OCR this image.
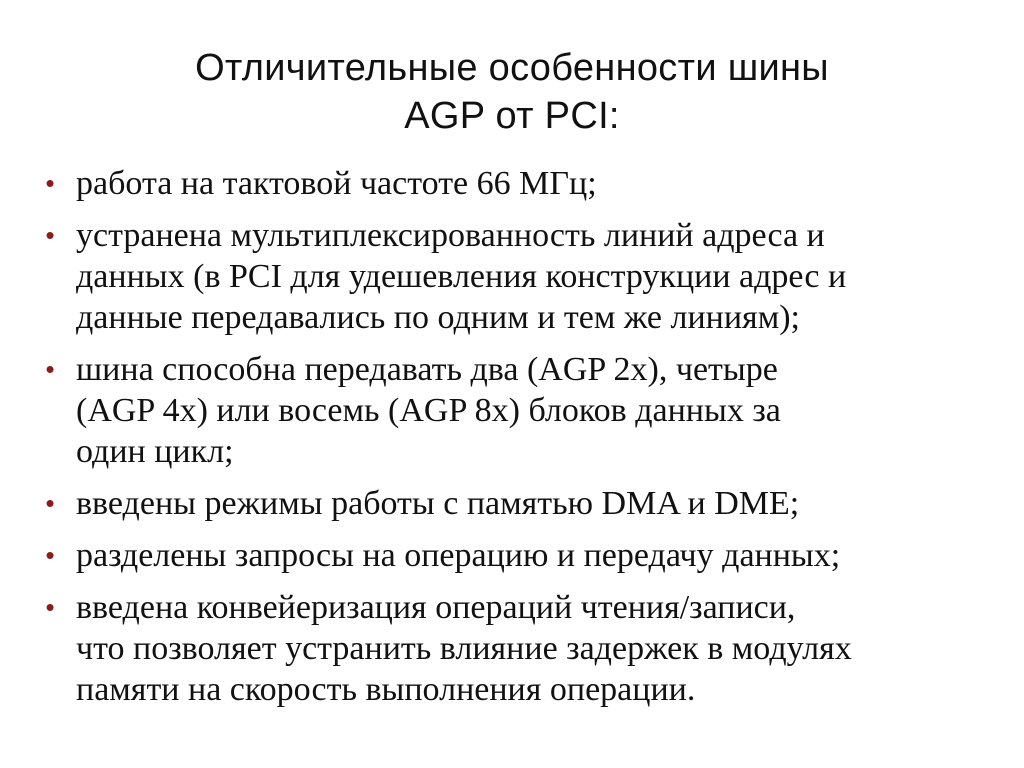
Отличительные особенности шины
AGP от PCI:
• работа на тактовой частоте 66 МГц;
• устранена мультиплексированность линий адреса и
данных (в PCI для удешевления конструкции адрес и
данные передавались по одним и тем же линиям);
• шина способна передавать два (AGP 2x), четыре
(AGP 4x) или восемь (AGP 8x) блоков данных за
один цикл;
• введены режимы работы с памятью DMA и DME;
• разделены запросы на операцию и передачу данных;
• введена конвейеризация операций чтения/записи,
что позволяет устранить влияние задержек в модулях
памяти на скорость выполнения операции.
